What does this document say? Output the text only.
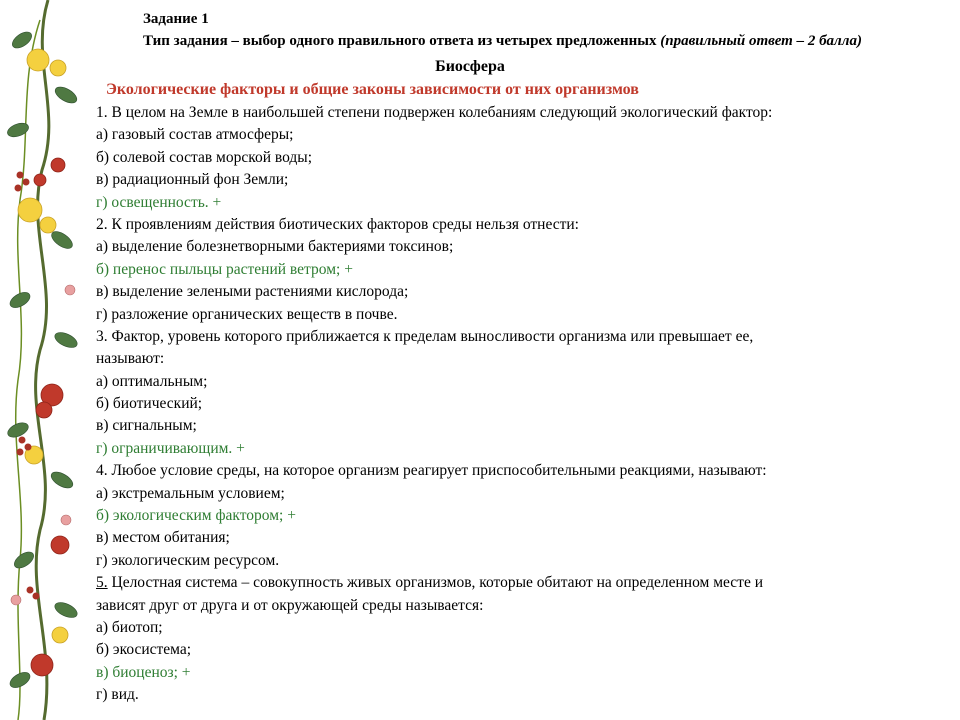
Задание 1
Тип задания – выбор одного правильного ответа из четырех предложенных (правильный ответ – 2 балла)
Биосфера
Экологические факторы и общие законы зависимости от них организмов
1. В целом на Земле в наибольшей степени подвержен колебаниям следующий экологический фактор:
а) газовый состав атмосферы;
б) солевой состав морской воды;
в) радиационный фон Земли;
г) освещенность. +
2. К проявлениям действия биотических факторов среды нельзя отнести:
а) выделение болезнетворными бактериями токсинов;
б) перенос пыльцы растений ветром; +
в) выделение зелеными растениями кислорода;
г) разложение органических веществ в почве.
3. Фактор, уровень которого приближается к пределам выносливости организма или превышает ее,
называют:
а) оптимальным;
б) биотический;
в) сигнальным;
г) ограничивающим. +
4. Любое условие среды, на которое организм реагирует приспособительными реакциями, называют:
а) экстремальным условием;
б) экологическим фактором; +
в) местом обитания;
г) экологическим ресурсом.
5. Целостная система – совокупность живых организмов, которые обитают на определенном месте и
зависят друг от друга и от окружающей среды называется:
а) биотоп;
б) экосистема;
в) биоценоз; +
г) вид.
